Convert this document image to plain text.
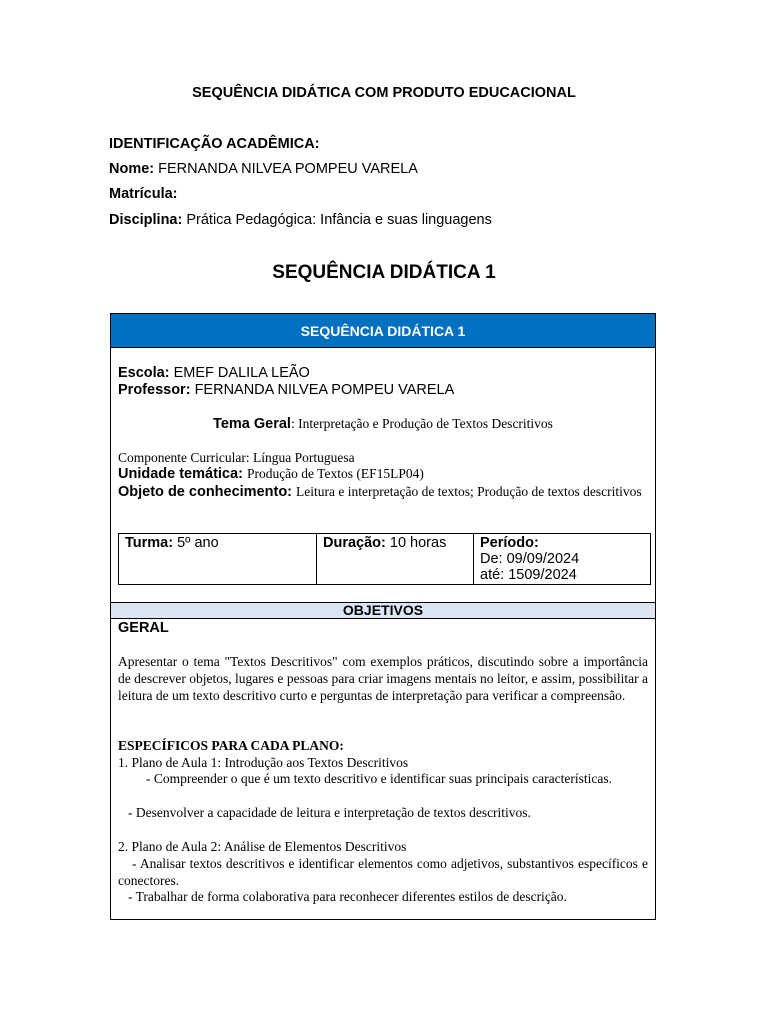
SEQUÊNCIA DIDÁTICA COM PRODUTO EDUCACIONAL
IDENTIFICAÇÃO ACADÊMICA:
Nome: FERNANDA NILVEA POMPEU VARELA
Matrícula:
Disciplina: Prática Pedagógica: Infância e suas linguagens
SEQUÊNCIA DIDÁTICA 1
SEQUÊNCIA DIDÁTICA 1
Escola: EMEF DALILA LEÃO
Professor: FERNANDA NILVEA POMPEU VARELA
Tema Geral: Interpretação e Produção de Textos Descritivos
Componente Curricular: Língua Portuguesa
Unidade temática: Produção de Textos (EF15LP04)
Objeto de conhecimento: Leitura e interpretação de textos; Produção de textos descritivos
Turma: 5º ano	Duração: 10 horas	Período:
De: 09/09/2024
até: 1509/2024
OBJETIVOS
GERAL
Apresentar o tema "Textos Descritivos" com exemplos práticos, discutindo sobre a importância de descrever objetos, lugares e pessoas para criar imagens mentais no leitor, e assim, possibilitar a leitura de um texto descritivo curto e perguntas de interpretação para verificar a compreensão.
ESPECÍFICOS PARA CADA PLANO:
1. Plano de Aula 1: Introdução aos Textos Descritivos
- Compreender o que é um texto descritivo e identificar suas principais características.
- Desenvolver a capacidade de leitura e interpretação de textos descritivos.
2. Plano de Aula 2: Análise de Elementos Descritivos
- Analisar textos descritivos e identificar elementos como adjetivos, substantivos específicos e conectores.
- Trabalhar de forma colaborativa para reconhecer diferentes estilos de descrição.
